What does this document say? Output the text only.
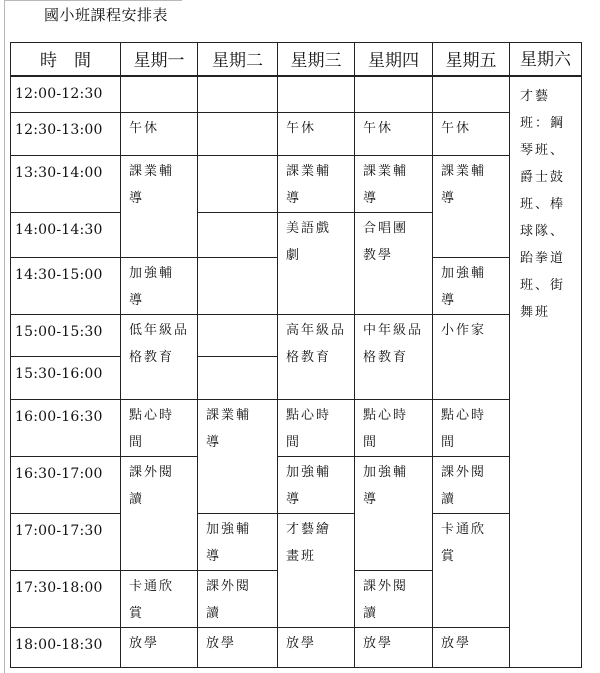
國小班課程安排表
時　間	星期一	星期二	星期三	星期四	星期五	星期六
12:00-12:30						才藝班：鋼琴班、爵士鼓班、棒球隊、跆拳道班、街舞班
12:30-13:00	午休		午休	午休	午休	
13:30-14:00	課業輔導		課業輔導	課業輔導	課業輔導	

14:00-14:30			美語戲劇	合唱團教學		

14:30-15:00	加強輔導				加強輔導	

15:00-15:30	低年級品格教育		高年級品格教育	中年級品格教育	小作家	

15:30-16:00						
16:00-16:30	點心時間	課業輔導	點心時間	點心時間	點心時間	

16:30-17:00	課外閱讀		加強輔導	加強輔導	課外閱讀	

17:00-17:30		加強輔導	才藝繪畫班		卡通欣賞	

17:30-18:00	卡通欣賞	課外閱讀		課外閱讀		

18:00-18:30	放學	放學	放學	放學	放學	
